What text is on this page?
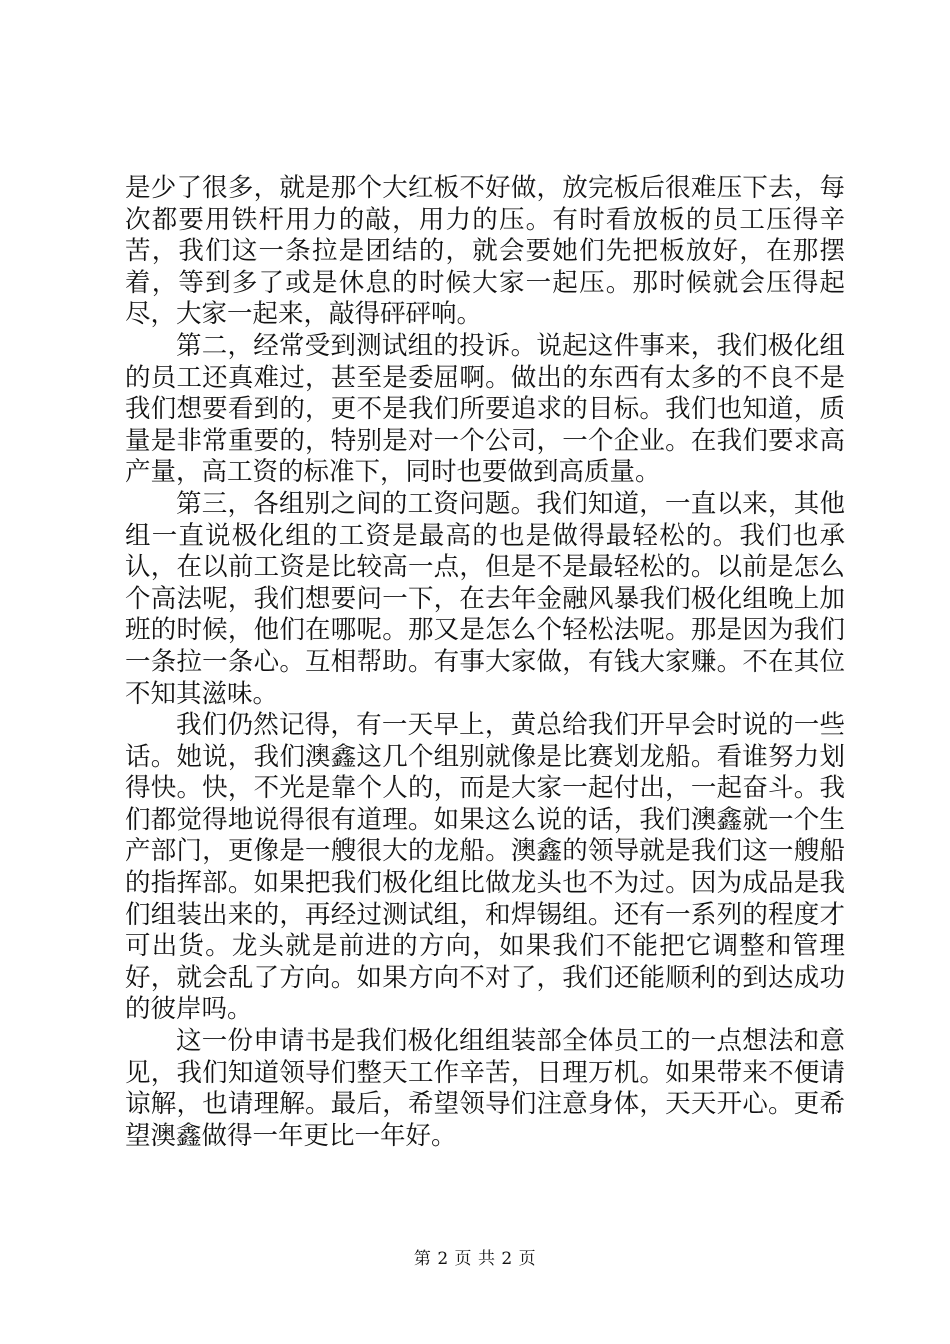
是少了很多，就是那个大红板不好做，放完板后很难压下去，每次都要用铁杆用力的敲，用力的压。有时看放板的员工压得辛苦，我们这一条拉是团结的，就会要她们先把板放好，在那摆着，等到多了或是休息的时候大家一起压。那时候就会压得起尽，大家一起来，敲得砰砰响。

第二，经常受到测试组的投诉。说起这件事来，我们极化组的员工还真难过，甚至是委屈啊。做出的东西有太多的不良不是我们想要看到的，更不是我们所要追求的目标。我们也知道，质量是非常重要的，特别是对一个公司，一个企业。在我们要求高产量，高工资的标准下，同时也要做到高质量。

第三，各组别之间的工资问题。我们知道，一直以来，其他组一直说极化组的工资是最高的也是做得最轻松的。我们也承认，在以前工资是比较高一点，但是不是最轻松的。以前是怎么个高法呢，我们想要问一下，在去年金融风暴我们极化组晚上加班的时候，他们在哪呢。那又是怎么个轻松法呢。那是因为我们一条拉一条心。互相帮助。有事大家做，有钱大家赚。不在其位不知其滋味。

我们仍然记得，有一天早上，黄总给我们开早会时说的一些话。她说，我们澳鑫这几个组别就像是比赛划龙船。看谁努力划得快。快，不光是靠个人的，而是大家一起付出，一起奋斗。我们都觉得地说得很有道理。如果这么说的话，我们澳鑫就一个生产部门，更像是一艘很大的龙船。澳鑫的领导就是我们这一艘船的指挥部。如果把我们极化组比做龙头也不为过。因为成品是我们组装出来的，再经过测试组，和焊锡组。还有一系列的程度才可出货。龙头就是前进的方向，如果我们不能把它调整和管理好，就会乱了方向。如果方向不对了，我们还能顺利的到达成功的彼岸吗。

这一份申请书是我们极化组组装部全体员工的一点想法和意见，我们知道领导们整天工作辛苦，日理万机。如果带来不便请谅解，也请理解。最后，希望领导们注意身体，天天开心。更希望澳鑫做得一年更比一年好。

第 2 页 共 2 页
